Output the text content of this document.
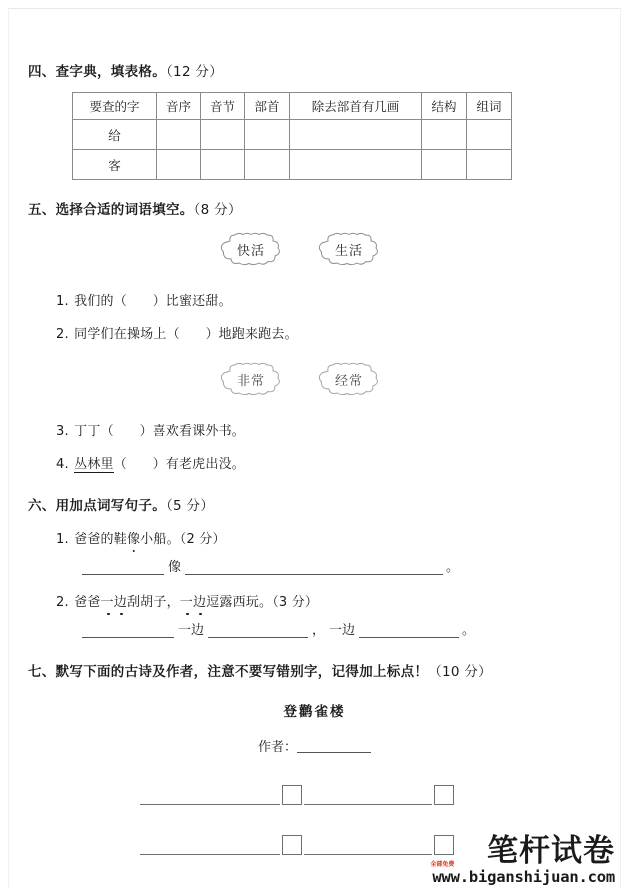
四、查字典，填表格。（12 分）
要查的字	音序	音节	部首	除去部首有几画	结构	组词
给						
客						
五、选择合适的词语填空。（8 分）
快活	生活
1. 我们的（　　）比蜜还甜。
2. 同学们在操场上（　　）地跑来跑去。
非常	经常
3. 丁丁（　　）喜欢看课外书。
4. 丛林里（　　）有老虎出没。
六、用加点词写句子。（5 分）
1. 爸爸的鞋像小船。（2 分）
像	。
2. 爸爸一边刮胡子，一边逗露西玩。（3 分）
一边	， 一边	。
七、默写下面的古诗及作者，注意不要写错别字，记得加上标点！（10 分）
登鹳雀楼
作者：
笔杆试卷
全部免费
www.biganshijuan.com
